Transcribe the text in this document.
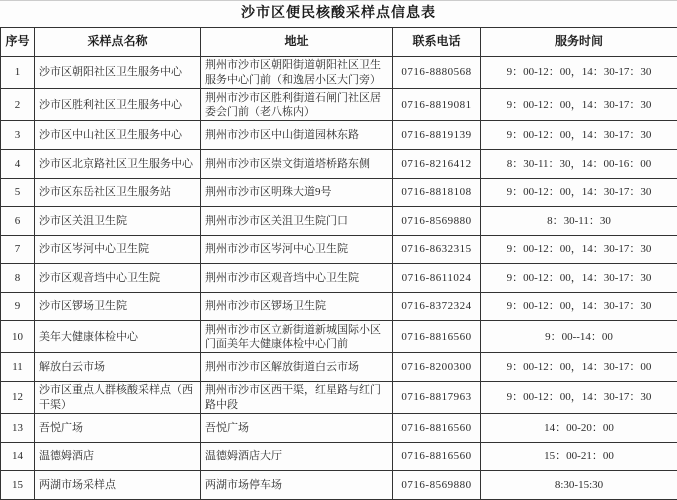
沙市区便民核酸采样点信息表
序号	采样点名称	地址	联系电话	服务时间
1	沙市区朝阳社区卫生服务中心	荆州市沙市区朝阳街道朝阳社区卫生服务中心门前（和逸居小区大门旁）	0716-8880568	9：00-12：00，14：30-17：30
2	沙市区胜利社区卫生服务中心	荆州市沙市区胜利街道石闸门社区居委会门前（老八栋内）	0716-8819081	9：00-12：00，14：30-17：30
3	沙市区中山社区卫生服务中心	荆州市沙市区中山街道园林东路	0716-8819139	9：00-12：00，14：30-17：30
4	沙市区北京路社区卫生服务中心	荆州市沙市区崇文街道塔桥路东侧	0716-8216412	8：30-11：30，14：00-16：00
5	沙市区东岳社区卫生服务站	荆州市沙市区明珠大道9号	0716-8818108	9：00-12：00，14：30-17：30
6	沙市区关沮卫生院	荆州市沙市区关沮卫生院门口	0716-8569880	8：30-11：30
7	沙市区岑河中心卫生院	荆州市沙市区岑河中心卫生院	0716-8632315	9：00-12：00，14：30-17：30
8	沙市区观音垱中心卫生院	荆州市沙市区观音垱中心卫生院	0716-8611024	9：00-12：00，14：30-17：30
9	沙市区锣场卫生院	荆州市沙市区锣场卫生院	0716-8372324	9：00-12：00，14：30-17：30
10	美年大健康体检中心	荆州市沙市区立新街道新城国际小区门面美年大健康体检中心门前	0716-8816560	9：00--14：00
11	解放白云市场	荆州市沙市区解放街道白云市场	0716-8200300	9：00-12：00，14：30-17：00
12	沙市区重点人群核酸采样点（西干渠）	荆州市沙市区西干渠，红星路与红门路中段	0716-8817963	9：00-12：00，14：30-17：30
13	吾悦广场	吾悦广场	0716-8816560	14：00-20：00
14	温德姆酒店	温德姆酒店大厅	0716-8816560	15：00-21：00
15	两湖市场采样点	两湖市场停车场	0716-8569880	8:30-15:30
